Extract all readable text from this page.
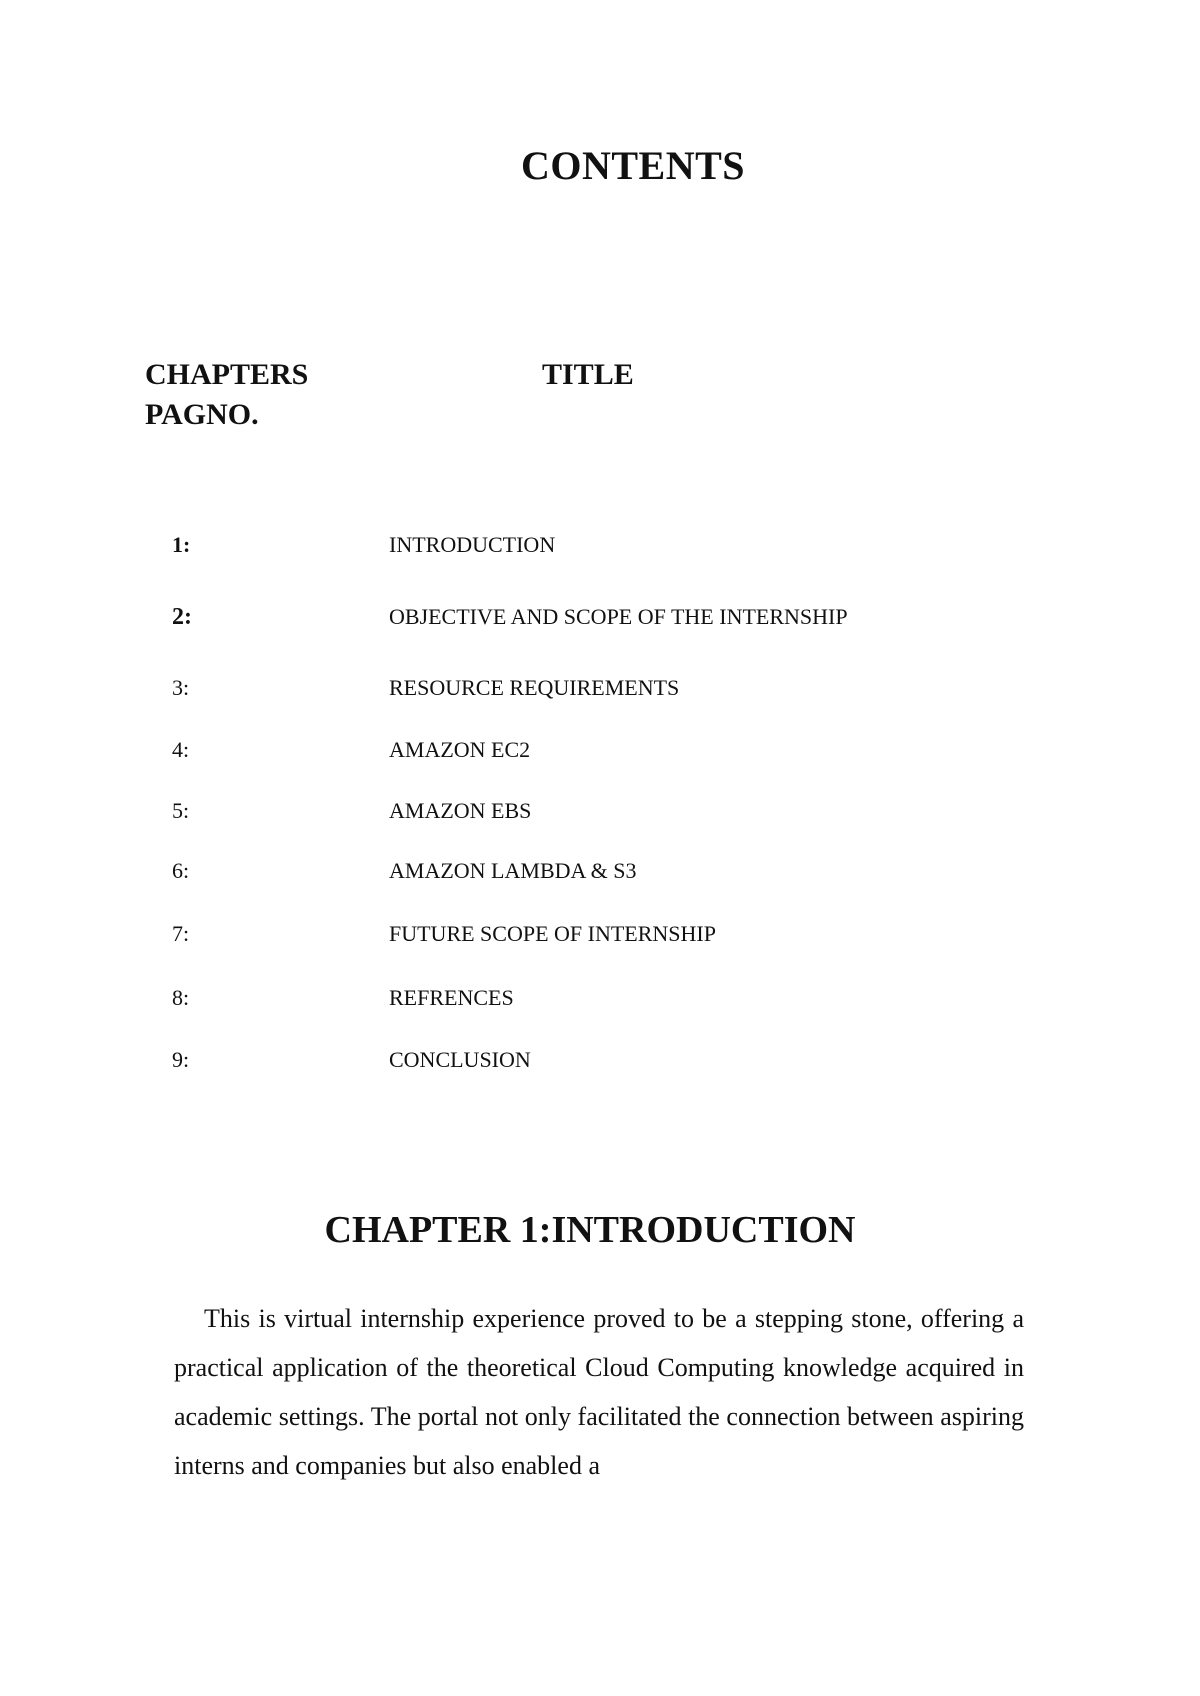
CONTENTS
CHAPTERS	TITLE
PAGNO.
1:	INTRODUCTION
2:	OBJECTIVE AND SCOPE OF THE INTERNSHIP
3:	RESOURCE REQUIREMENTS
4:	AMAZON EC2
5:	AMAZON EBS
6:	AMAZON LAMBDA & S3
7:	FUTURE SCOPE OF INTERNSHIP
8:	REFRENCES
9:	CONCLUSION
CHAPTER 1:INTRODUCTION

This is virtual internship experience proved to be a stepping stone, offering a practical application of the theoretical Cloud Computing knowledge acquired in academic settings. The portal not only facilitated the connection between aspiring interns and companies but also enabled a
